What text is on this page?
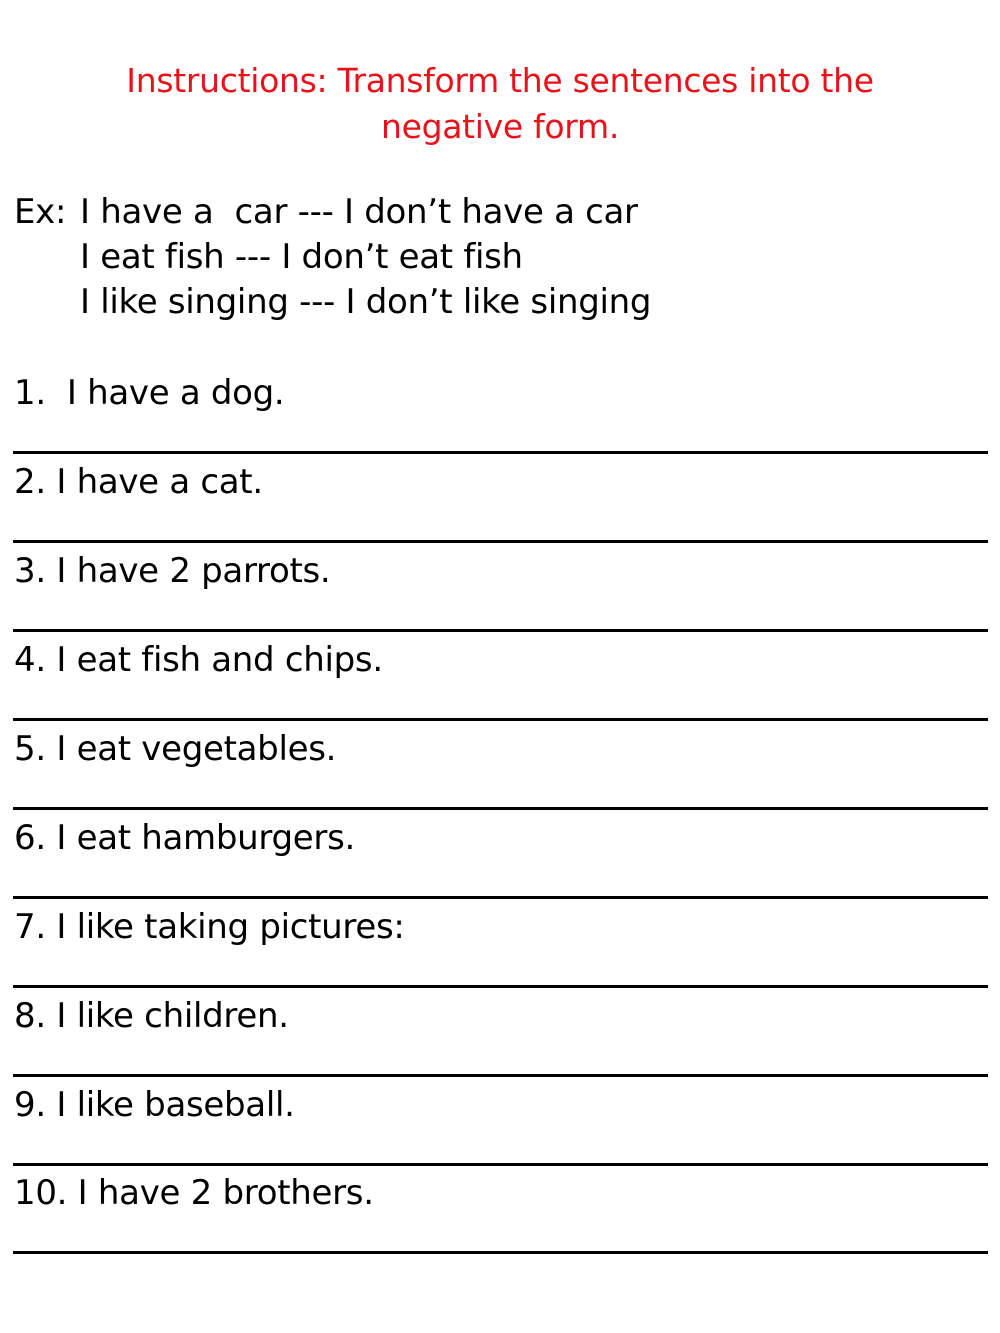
Instructions: Transform the sentences into the
negative form.
Ex: I have a  car --- I don’t have a car
I eat fish --- I don’t eat fish
I like singing --- I don’t like singing
1.  I have a dog.
2. I have a cat.
3. I have 2 parrots.
4. I eat fish and chips.
5. I eat vegetables.
6. I eat hamburgers.
7. I like taking pictures:
8. I like children.
9. I like baseball.
10. I have 2 brothers.
